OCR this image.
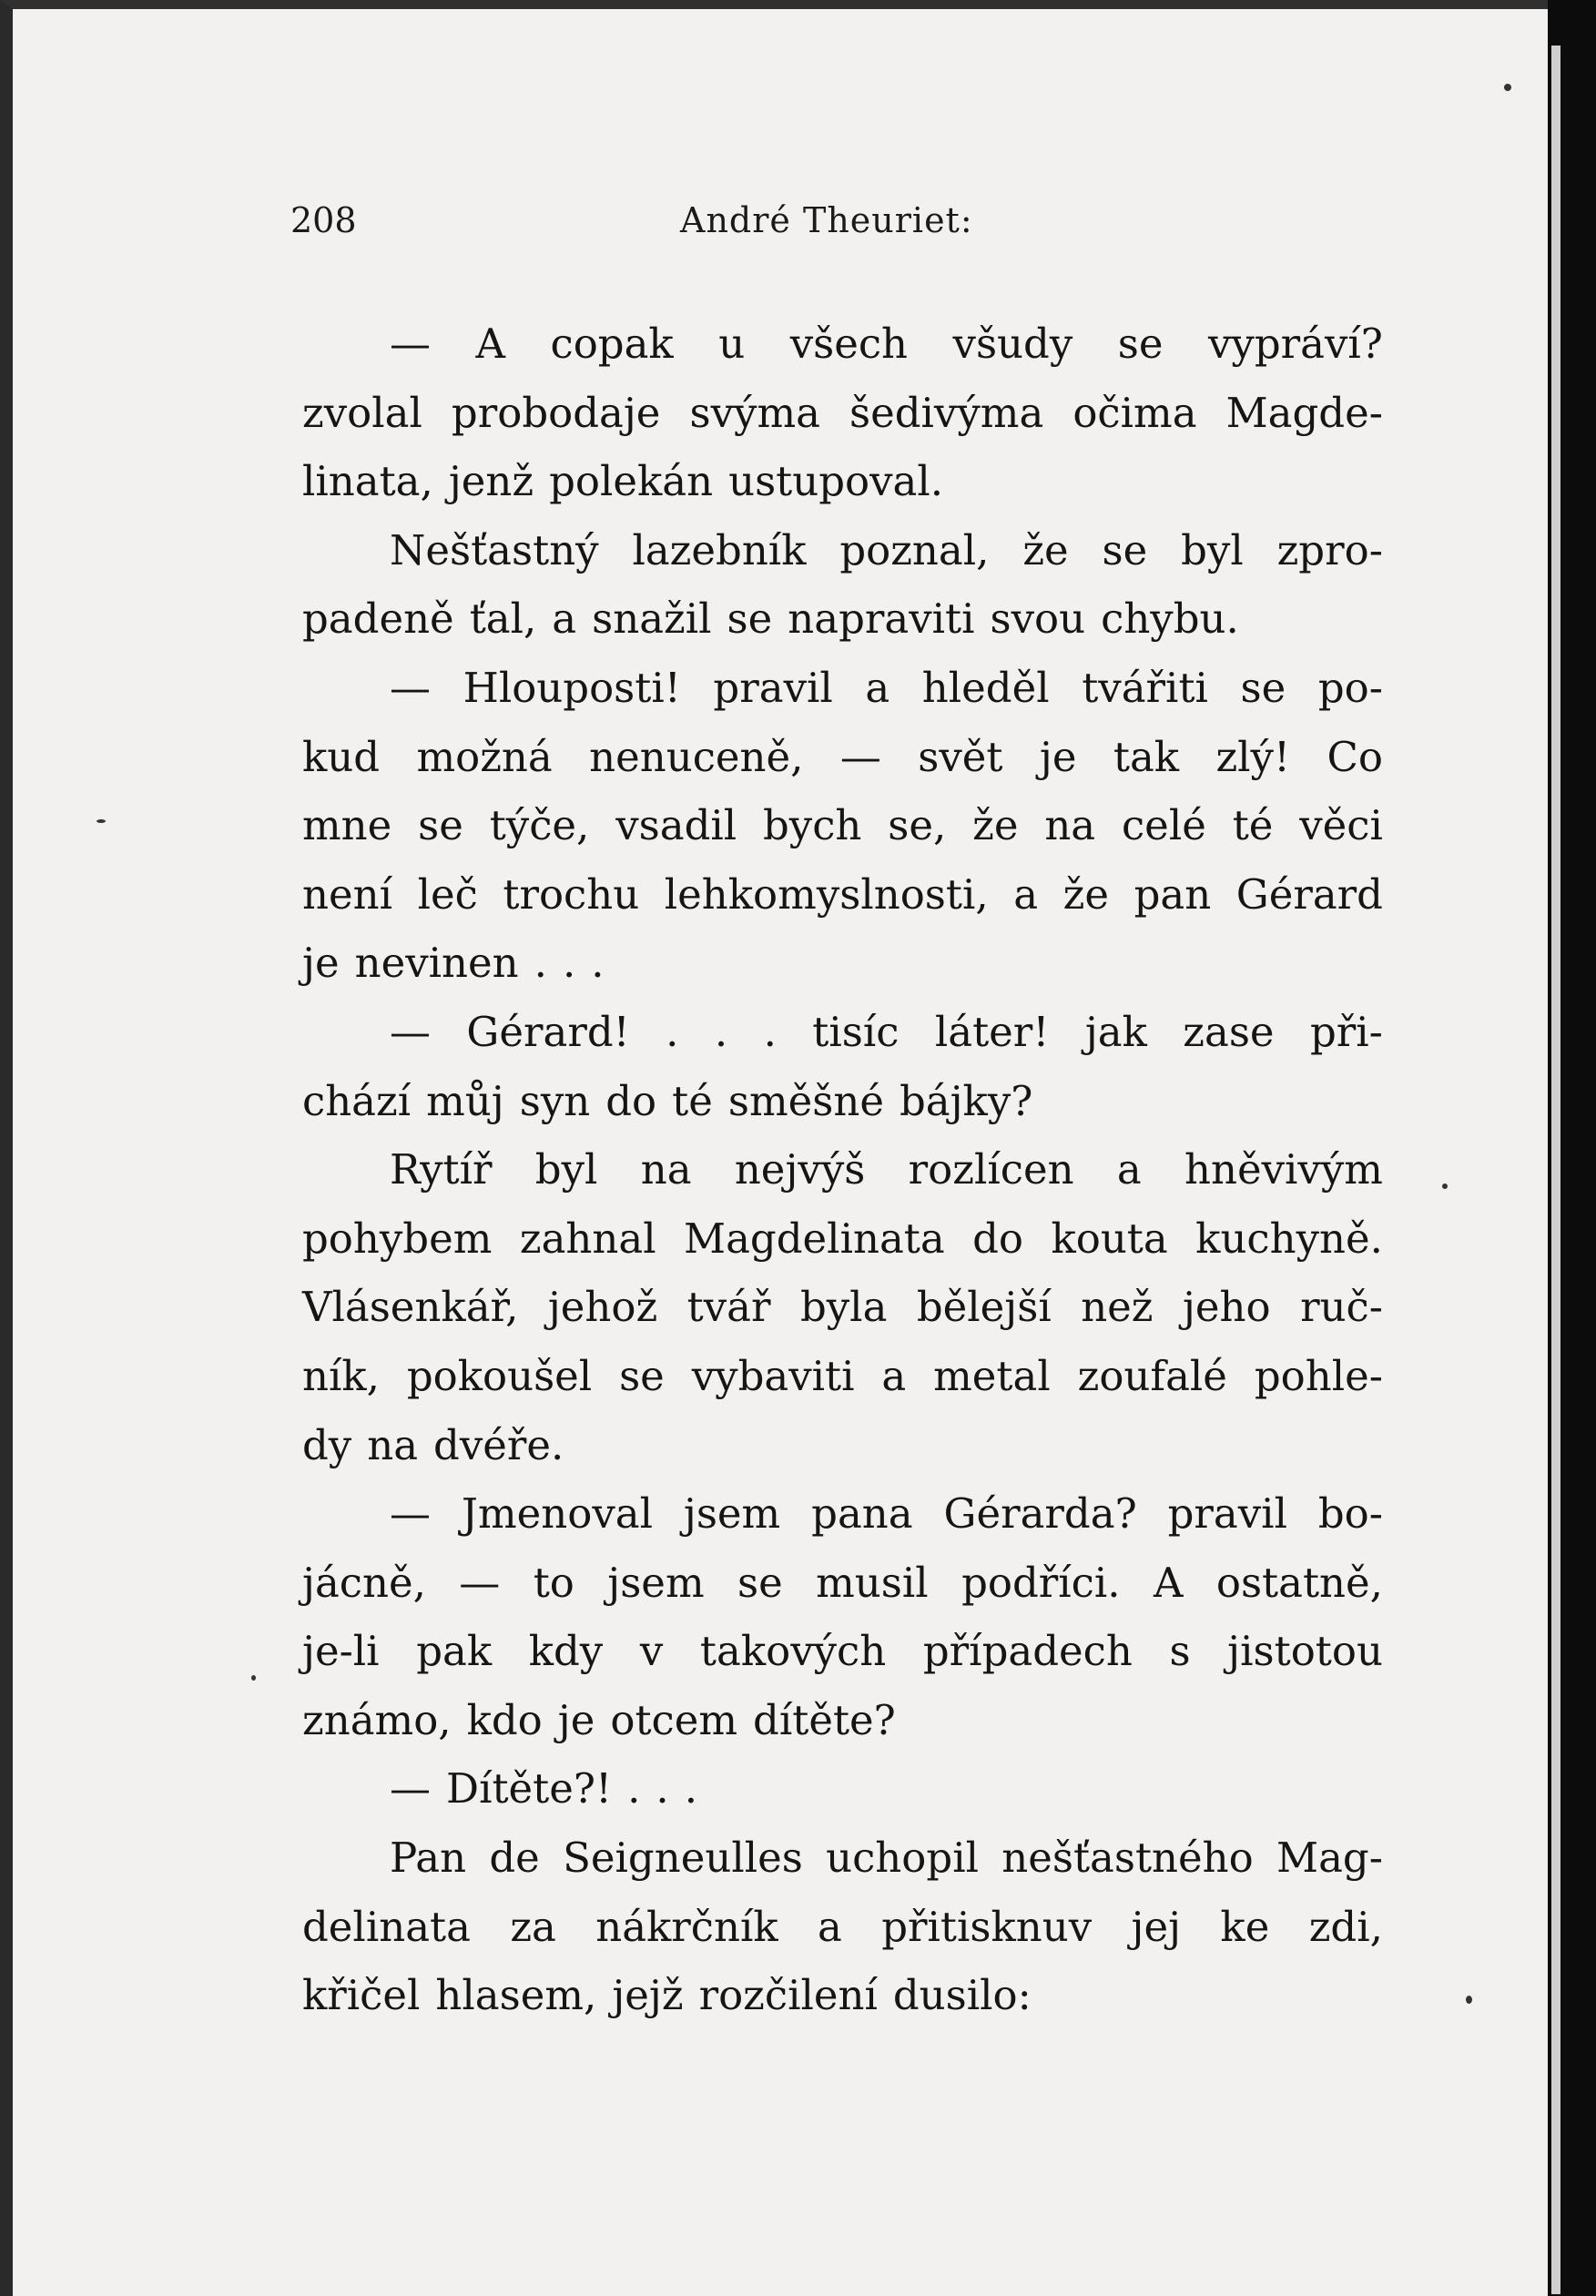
208	André Theuriet:
— A copak u všech všudy se vypráví?
zvolal probodaje svýma šedivýma očima Magde-
linata, jenž polekán ustupoval.
Nešťastný lazebník poznal, že se byl zpro-
padeně ťal, a snažil se napraviti svou chybu.
— Hlouposti! pravil a hleděl tvářiti se po-
kud možná nenuceně, — svět je tak zlý! Co
mne se týče, vsadil bych se, že na celé té věci
není leč trochu lehkomyslnosti, a že pan Gérard
je nevinen . . .
— Gérard! . . . tisíc láter! jak zase při-
chází můj syn do té směšné bájky?
Rytíř byl na nejvýš rozlícen a hněvivým
pohybem zahnal Magdelinata do kouta kuchyně.
Vlásenkář, jehož tvář byla bělejší než jeho ruč-
ník, pokoušel se vybaviti a metal zoufalé pohle-
dy na dvéře.
— Jmenoval jsem pana Gérarda? pravil bo-
jácně, — to jsem se musil podříci. A ostatně,
je-li pak kdy v takových případech s jistotou
známo, kdo je otcem dítěte?
— Dítěte?! . . .
Pan de Seigneulles uchopil nešťastného Mag-
delinata za nákrčník a přitisknuv jej ke zdi,
křičel hlasem, jejž rozčilení dusilo:
